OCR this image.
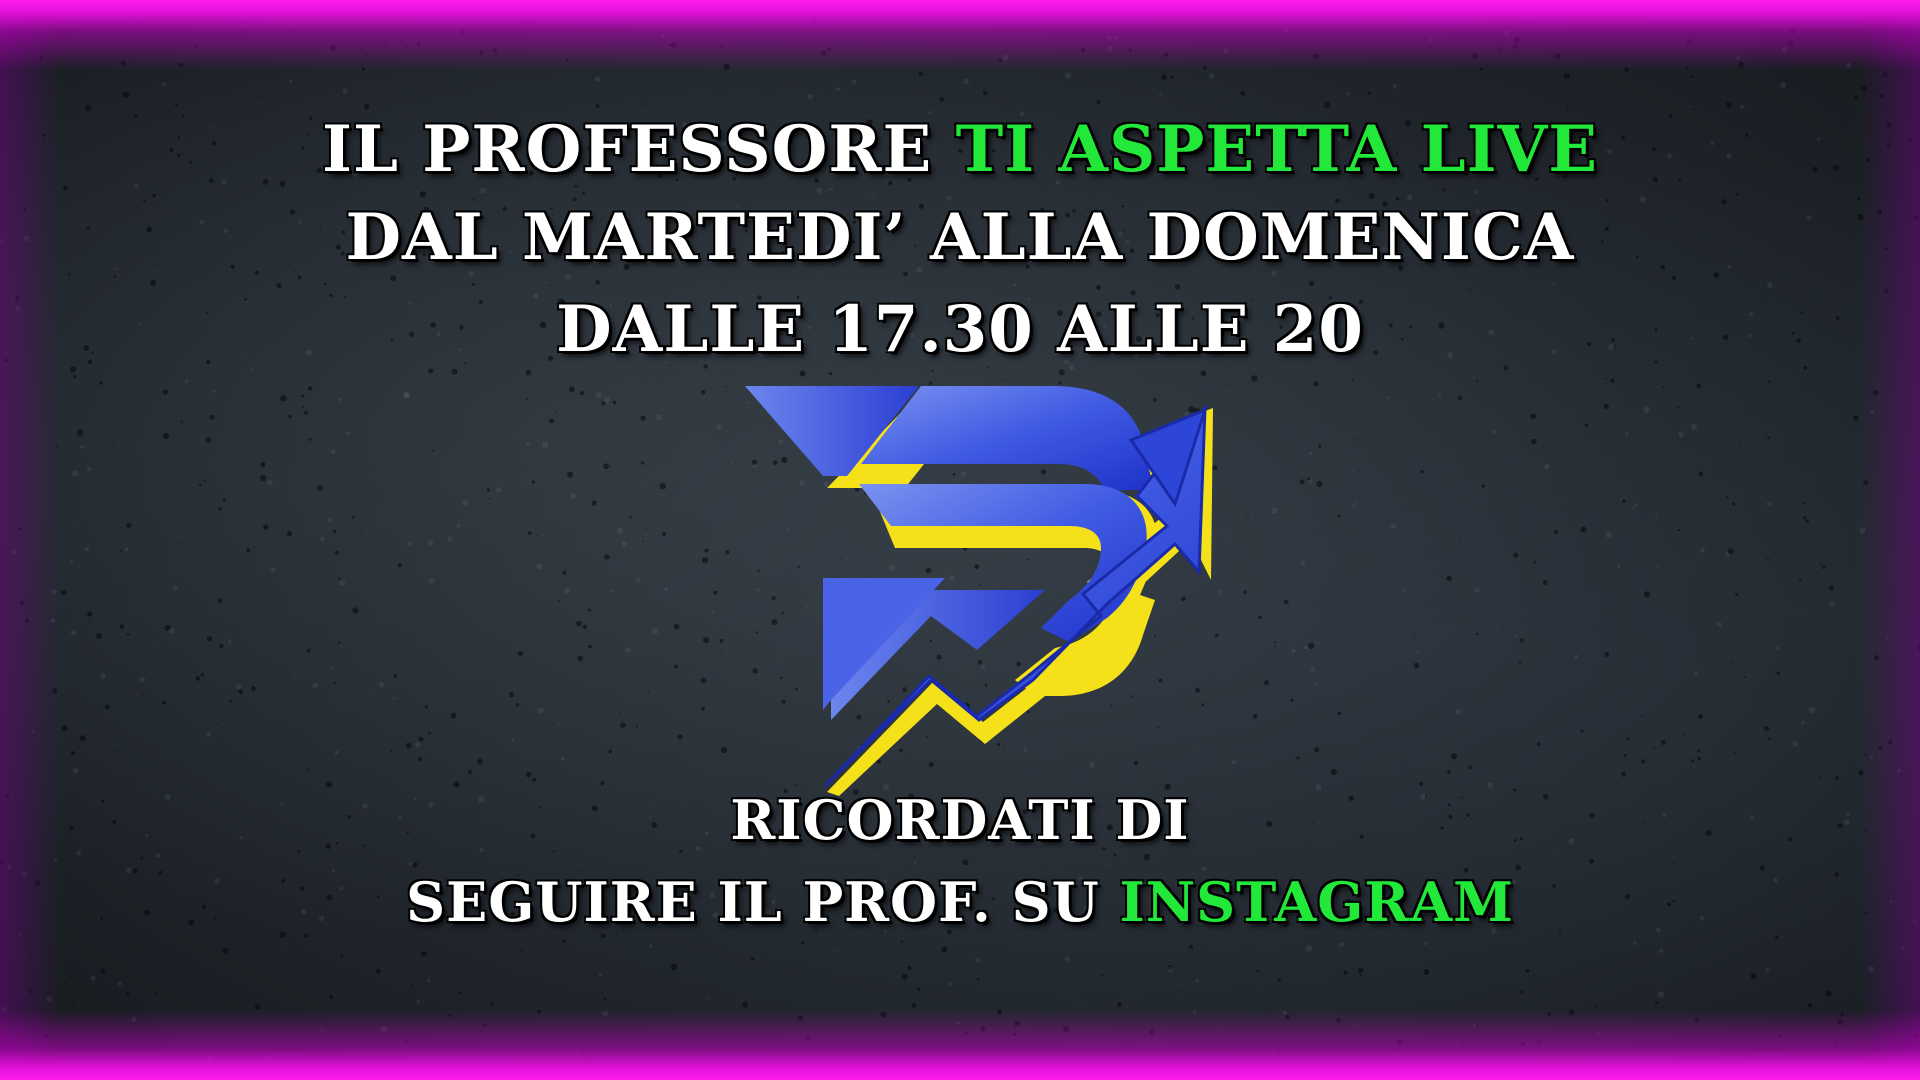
IL PROFESSORE TI ASPETTA LIVE
DAL MARTEDI’ ALLA DOMENICA
DALLE 17.30 ALLE 20
RICORDATI DI
SEGUIRE IL PROF. SU INSTAGRAM
